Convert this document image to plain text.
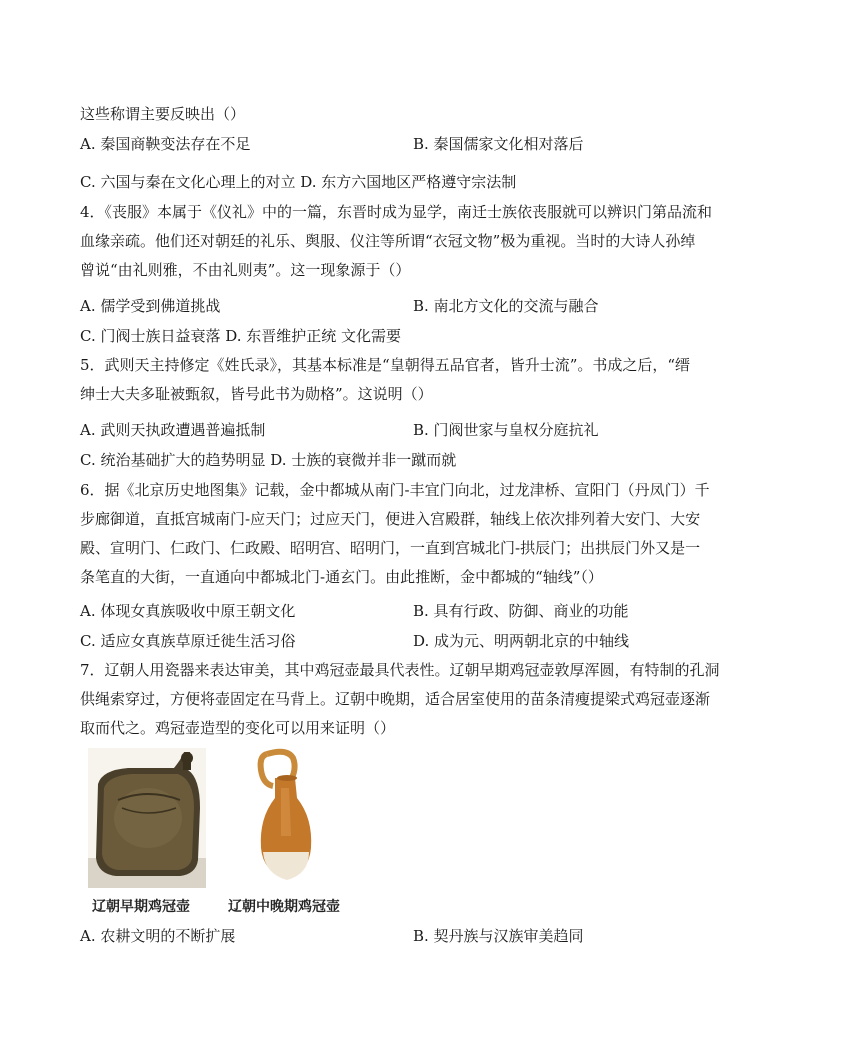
这些称谓主要反映出（）
A. 秦国商鞅变法存在不足	B. 秦国儒家文化相对落后
C. 六国与秦在文化心理上的对立 D. 东方六国地区严格遵守宗法制
4．《丧服》本属于《仪礼》中的一篇，东晋时成为显学，南迁士族依丧服就可以辨识门第品流和
血缘亲疏。他们还对朝廷的礼乐、舆服、仪注等所谓“衣冠文物”极为重视。当时的大诗人孙绰
曾说“由礼则雅，不由礼则夷”。这一现象源于（）
A. 儒学受到佛道挑战	B. 南北方文化的交流与融合
C. 门阀士族日益衰落 D. 东晋维护正统 文化需要
5．武则天主持修定《姓氏录》，其基本标准是“皇朝得五品官者，皆升士流”。书成之后，“缙
绅士大夫多耻被甄叙，皆号此书为勋格”。这说明（）
A. 武则天执政遭遇普遍抵制	B. 门阀世家与皇权分庭抗礼
C. 统治基础扩大的趋势明显 D. 士族的衰微并非一蹴而就
6．据《北京历史地图集》记载，金中都城从南门-丰宜门向北，过龙津桥、宣阳门（丹凤门）千
步廊御道，直抵宫城南门-应天门；过应天门，便进入宫殿群，轴线上依次排列着大安门、大安
殿、宣明门、仁政门、仁政殿、昭明宫、昭明门，一直到宫城北门-拱辰门；出拱辰门外又是一
条笔直的大街，一直通向中都城北门-通玄门。由此推断，金中都城的“轴线”（）
A. 体现女真族吸收中原王朝文化	B. 具有行政、防御、商业的功能
C. 适应女真族草原迁徙生活习俗	D. 成为元、明两朝北京的中轴线
7．辽朝人用瓷器来表达审美，其中鸡冠壶最具代表性。辽朝早期鸡冠壶敦厚浑圆，有特制的孔洞
供绳索穿过，方便将壶固定在马背上。辽朝中晚期，适合居室使用的苗条清瘦提梁式鸡冠壶逐渐
取而代之。鸡冠壶造型的变化可以用来证明（）
辽朝早期鸡冠壶	辽朝中晚期鸡冠壶
A. 农耕文明的不断扩展	B. 契丹族与汉族审美趋同
